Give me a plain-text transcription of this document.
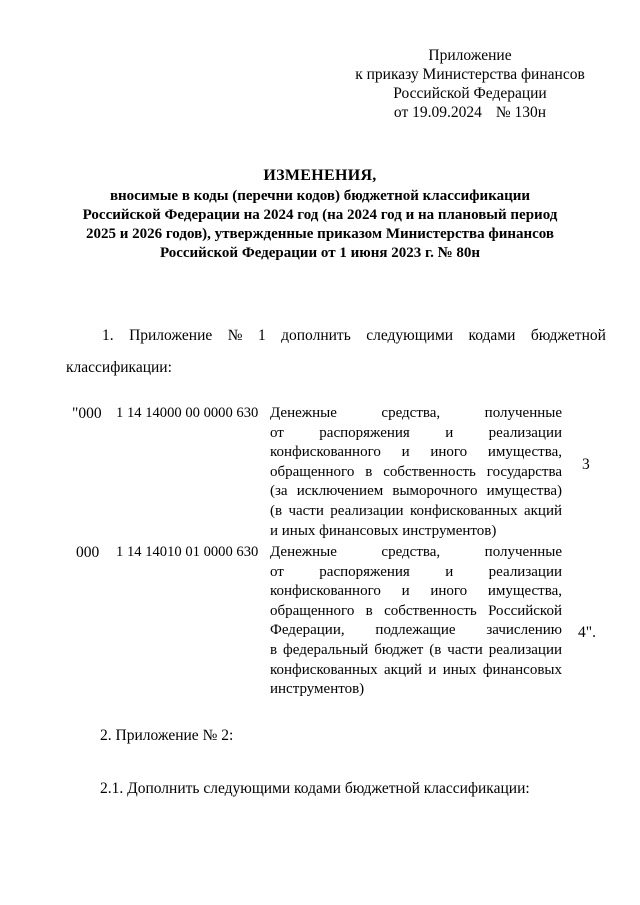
Приложение
к приказу Министерства финансов
Российской Федерации
от 19.09.2024 № 130н
ИЗМЕНЕНИЯ,
вносимые в коды (перечни кодов) бюджетной классификации
Российской Федерации на 2024 год (на 2024 год и на плановый период
2025 и 2026 годов), утвержденные приказом Министерства финансов
Российской Федерации от 1 июня 2023 г. № 80н
1. Приложение № 1 дополнить следующими кодами бюджетной
классификации:
"000 1 14 14000 00 0000 630 Денежные средства, полученные
от распоряжения и реализации
конфискованного и иного имущества,
обращенного в собственность государства
(за исключением выморочного имущества)
(в части реализации конфискованных акций
и иных финансовых инструментов)
3
000	1 14 14010 01 0000 630 Денежные средства, полученные
от распоряжения и реализации
конфискованного и иного имущества,
обращенного в собственность Российской
Федерации, подлежащие зачислению
в федеральный бюджет (в части реализации
конфискованных акций и иных финансовых
инструментов)
4".
2. Приложение № 2:
2.1. Дополнить следующими кодами бюджетной классификации:
